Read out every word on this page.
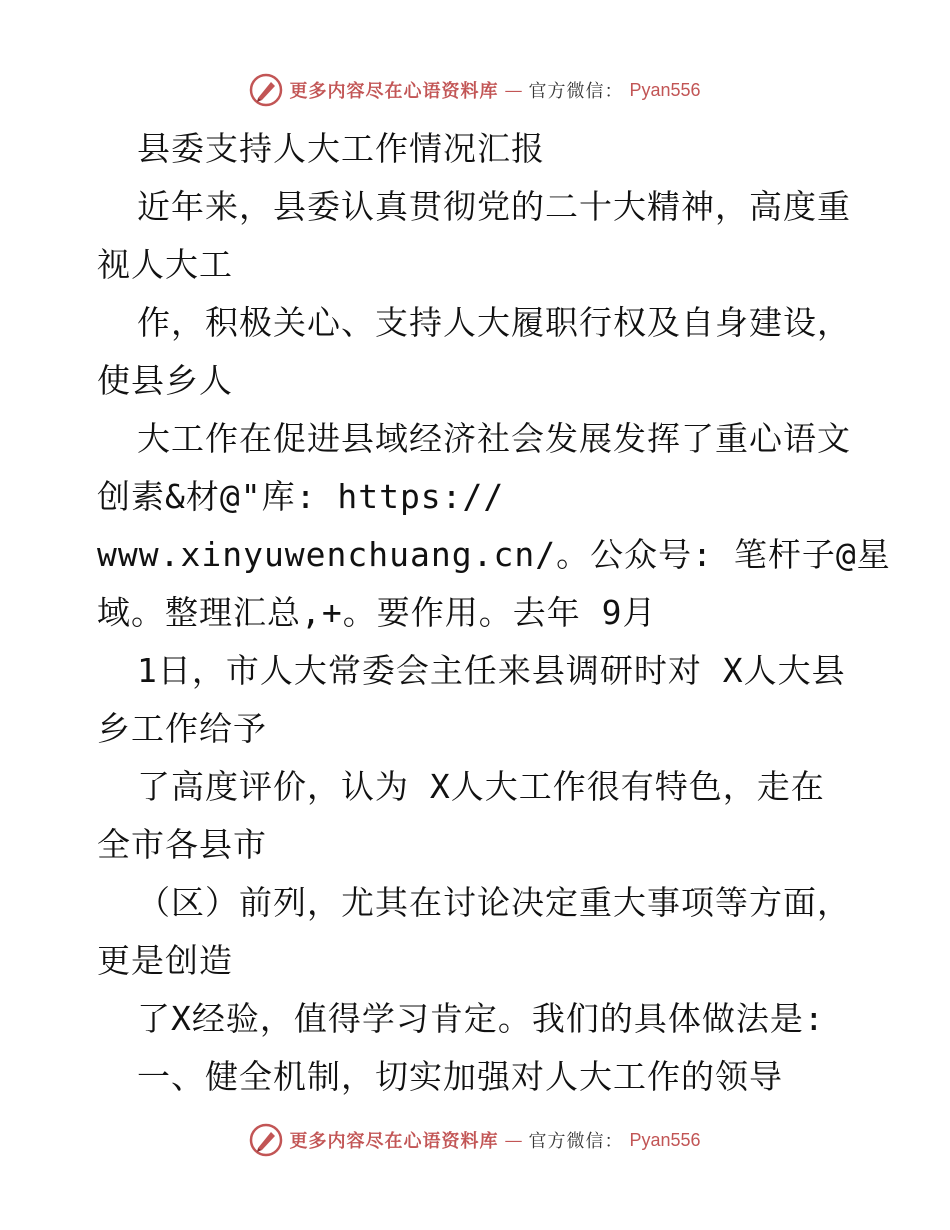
更多内容尽在心语资料库 — 官方微信： Pyan556
县委支持人大工作情况汇报
近年来，县委认真贯彻党的二十大精神，高度重
视人大工
作，积极关心、支持人大履职行权及自身建设，
使县乡人
大工作在促进县域经济社会发展发挥了重心语文
创素&材@"库: https://
www.xinyuwenchuang.cn/。公众号: 笔杆子@星
域。整理汇总,+。要作用。去年 9月
1日，市人大常委会主任来县调研时对 X人大县
乡工作给予
了高度评价，认为 X人大工作很有特色，走在
全市各县市
（区）前列，尤其在讨论决定重大事项等方面，
更是创造
了X经验，值得学习肯定。我们的具体做法是:
一、健全机制，切实加强对人大工作的领导
更多内容尽在心语资料库 — 官方微信： Pyan556
